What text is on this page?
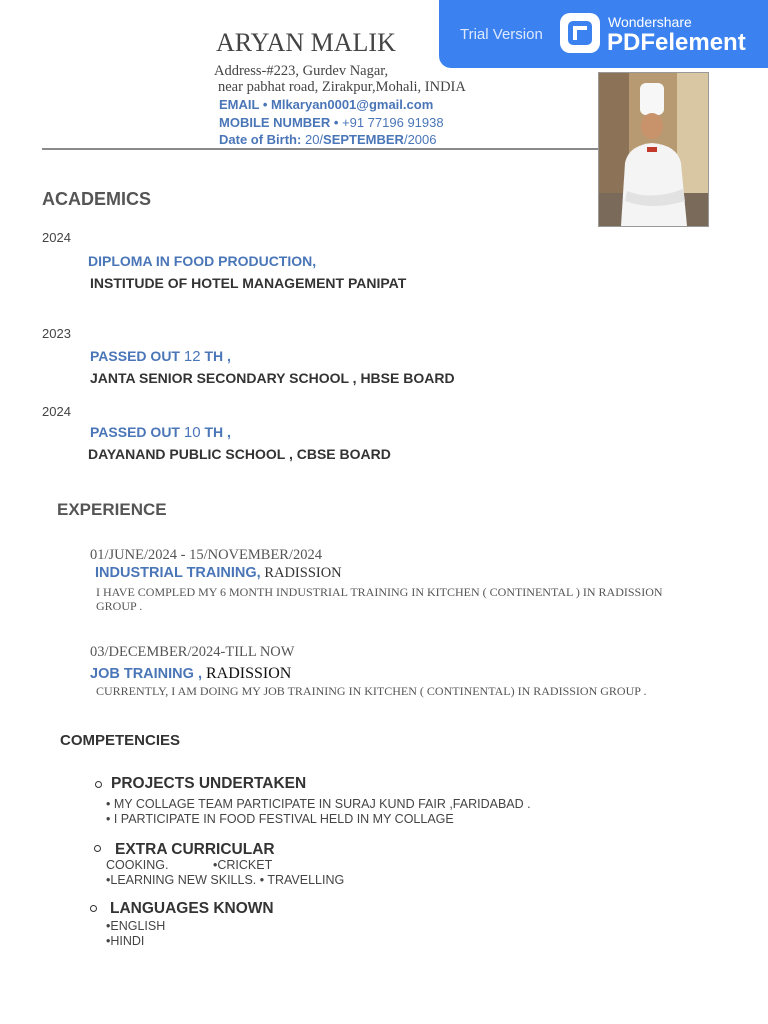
Trial Version
Wondershare
PDFelement
ARYAN MALIK
Address-#223, Gurdev Nagar,
near pabhat road, Zirakpur,Mohali, INDIA
EMAIL • Mlkaryan0001@gmail.com
MOBILE NUMBER • +91 77196 91938
Date of Birth: 20/SEPTEMBER/2006
ACADEMICS
2024
DIPLOMA IN FOOD PRODUCTION,
INSTITUDE OF HOTEL MANAGEMENT PANIPAT
2023
PASSED OUT 12 TH ,
JANTA SENIOR SECONDARY SCHOOL , HBSE BOARD
2024
PASSED OUT 10 TH ,
DAYANAND PUBLIC SCHOOL , CBSE BOARD
EXPERIENCE
01/JUNE/2024 - 15/NOVEMBER/2024
INDUSTRIAL TRAINING, RADISSION
I HAVE COMPLED MY 6 MONTH INDUSTRIAL TRAINING IN KITCHEN ( CONTINENTAL ) IN RADISSION
GROUP .
03/DECEMBER/2024-TILL NOW
JOB TRAINING , RADISSION
CURRENTLY, I AM DOING MY JOB TRAINING IN KITCHEN ( CONTINENTAL) IN RADISSION GROUP .
COMPETENCIES
PROJECTS UNDERTAKEN
• MY COLLAGE TEAM PARTICIPATE IN SURAJ KUND FAIR ,FARIDABAD .
• I PARTICIPATE IN FOOD FESTIVAL HELD IN MY COLLAGE
EXTRA CURRICULAR
COOKING.	•CRICKET
•LEARNING NEW SKILLS. • TRAVELLING
LANGUAGES KNOWN
•ENGLISH
•HINDI
